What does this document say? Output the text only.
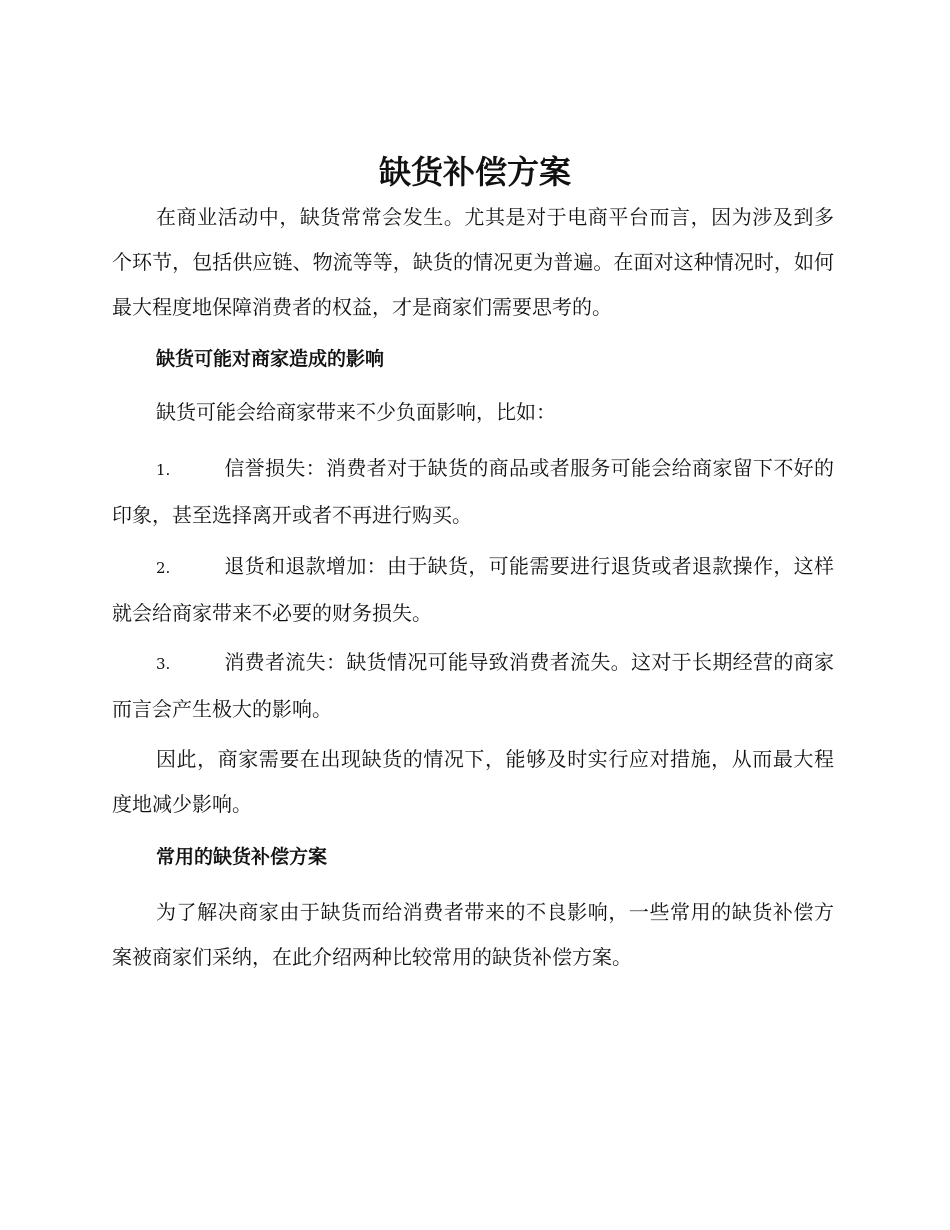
缺货补偿方案

在商业活动中，缺货常常会发生。尤其是对于电商平台而言，因为涉及到多个环节，包括供应链、物流等等，缺货的情况更为普遍。在面对这种情况时，如何最大程度地保障消费者的权益，才是商家们需要思考的。

缺货可能对商家造成的影响

缺货可能会给商家带来不少负面影响，比如：

1.	信誉损失：消费者对于缺货的商品或者服务可能会给商家留下不好的印象，甚至选择离开或者不再进行购买。

2.	退货和退款增加：由于缺货，可能需要进行退货或者退款操作，这样就会给商家带来不必要的财务损失。

3.	消费者流失：缺货情况可能导致消费者流失。这对于长期经营的商家而言会产生极大的影响。

因此，商家需要在出现缺货的情况下，能够及时实行应对措施，从而最大程度地减少影响。

常用的缺货补偿方案

为了解决商家由于缺货而给消费者带来的不良影响，一些常用的缺货补偿方案被商家们采纳，在此介绍两种比较常用的缺货补偿方案。
